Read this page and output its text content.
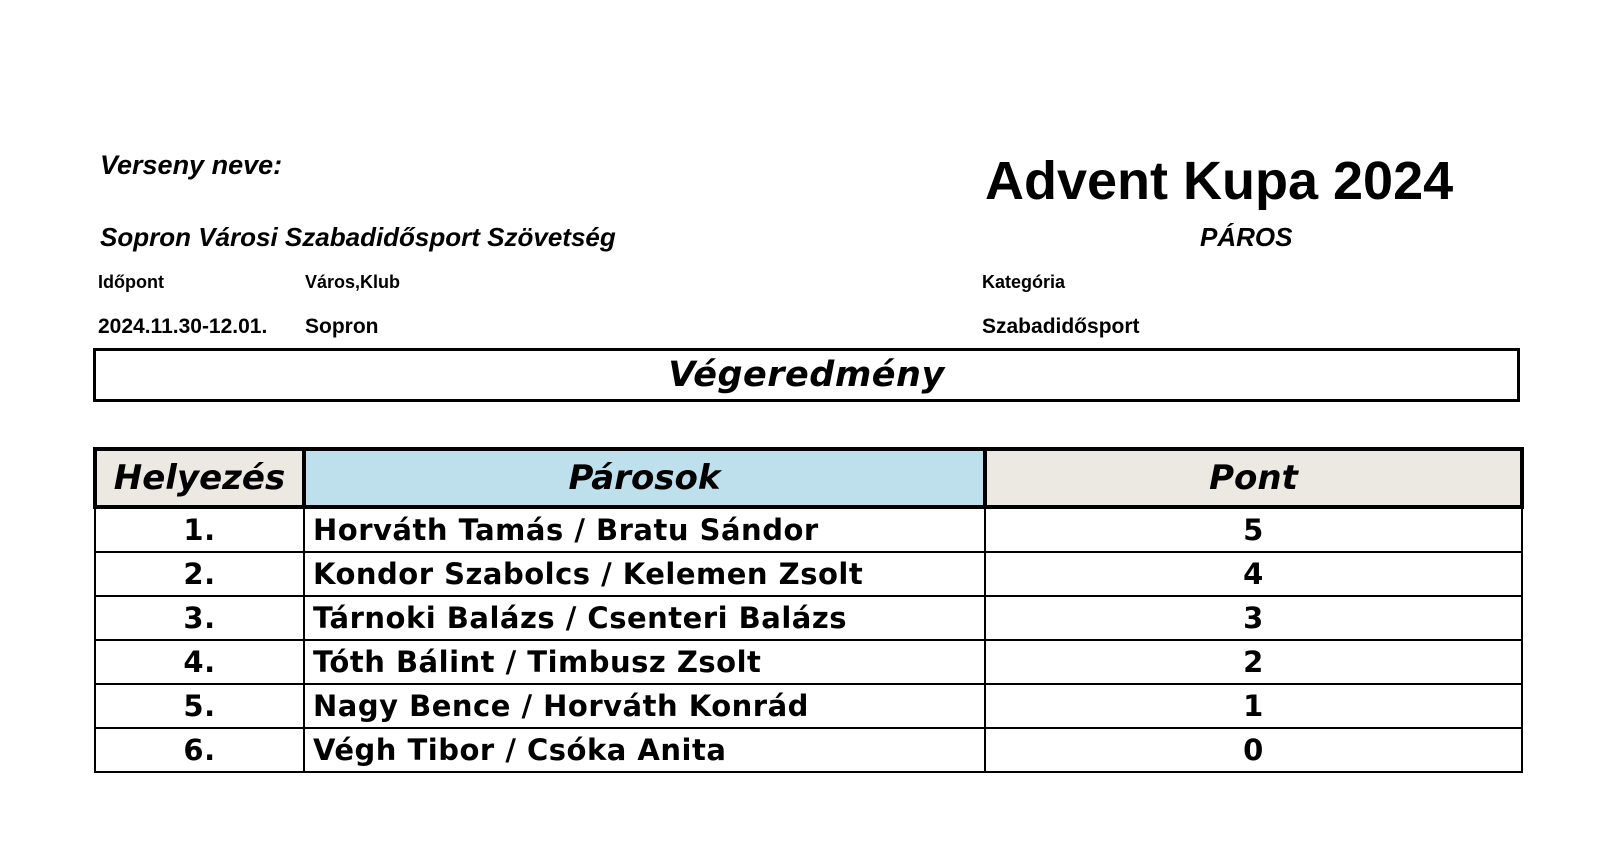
Verseny neve:	Advent Kupa 2024
Sopron Városi Szabadidősport Szövetség	PÁROS
Időpont	Város,Klub	Kategória
2024.11.30-12.01. Sopron	Szabadidősport
Végeredmény
Helyezés	Párosok	Pont
1.	Horváth Tamás / Bratu Sándor	5
2.	Kondor Szabolcs / Kelemen Zsolt	4
3.	Tárnoki Balázs / Csenteri Balázs	3
4.	Tóth Bálint / Timbusz Zsolt	2
5.	Nagy Bence / Horváth Konrád	1
6.	Végh Tibor / Csóka Anita	0
